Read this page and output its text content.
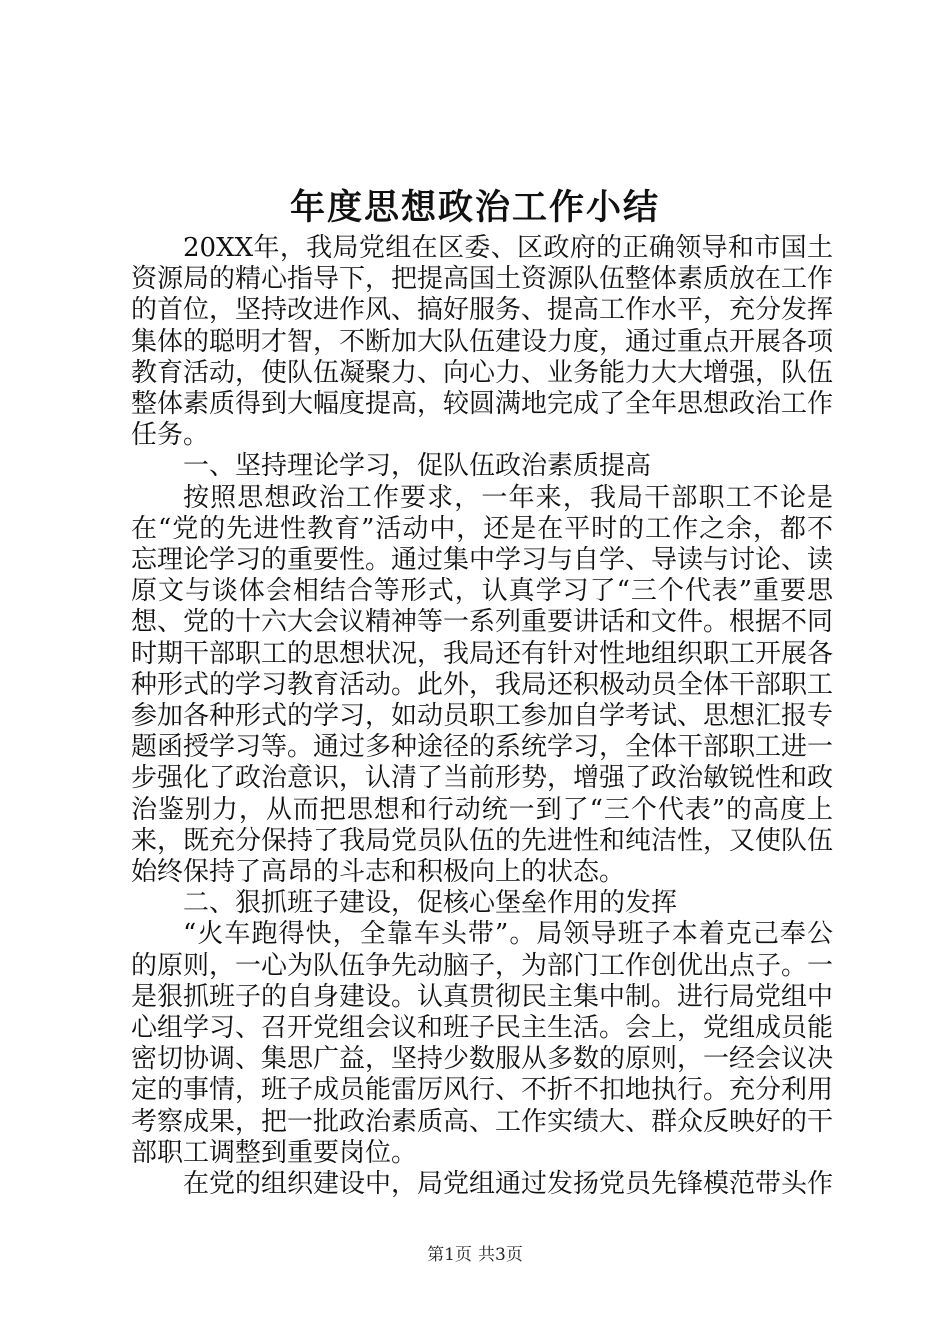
年度思想政治工作小结

20XX年，我局党组在区委、区政府的正确领导和市国土资源局的精心指导下，把提高国土资源队伍整体素质放在工作的首位，坚持改进作风、搞好服务、提高工作水平，充分发挥集体的聪明才智，不断加大队伍建设力度，通过重点开展各项教育活动，使队伍凝聚力、向心力、业务能力大大增强，队伍整体素质得到大幅度提高，较圆满地完成了全年思想政治工作任务。

一、坚持理论学习，促队伍政治素质提高

按照思想政治工作要求，一年来，我局干部职工不论是在“党的先进性教育”活动中，还是在平时的工作之余，都不忘理论学习的重要性。通过集中学习与自学、导读与讨论、读原文与谈体会相结合等形式，认真学习了“三个代表”重要思想、党的十六大会议精神等一系列重要讲话和文件。根据不同时期干部职工的思想状况，我局还有针对性地组织职工开展各种形式的学习教育活动。此外，我局还积极动员全体干部职工参加各种形式的学习，如动员职工参加自学考试、思想汇报专题函授学习等。通过多种途径的系统学习，全体干部职工进一步强化了政治意识，认清了当前形势，增强了政治敏锐性和政治鉴别力，从而把思想和行动统一到了“三个代表”的高度上来，既充分保持了我局党员队伍的先进性和纯洁性，又使队伍始终保持了高昂的斗志和积极向上的状态。

二、狠抓班子建设，促核心堡垒作用的发挥

“火车跑得快，全靠车头带”。局领导班子本着克己奉公的原则，一心为队伍争先动脑子，为部门工作创优出点子。一是狠抓班子的自身建设。认真贯彻民主集中制。进行局党组中心组学习、召开党组会议和班子民主生活。会上，党组成员能密切协调、集思广益，坚持少数服从多数的原则，一经会议决定的事情，班子成员能雷厉风行、不折不扣地执行。充分利用考察成果，把一批政治素质高、工作实绩大、群众反映好的干部职工调整到重要岗位。

在党的组织建设中，局党组通过发扬党员先锋模范带头作

第1页 共3页
